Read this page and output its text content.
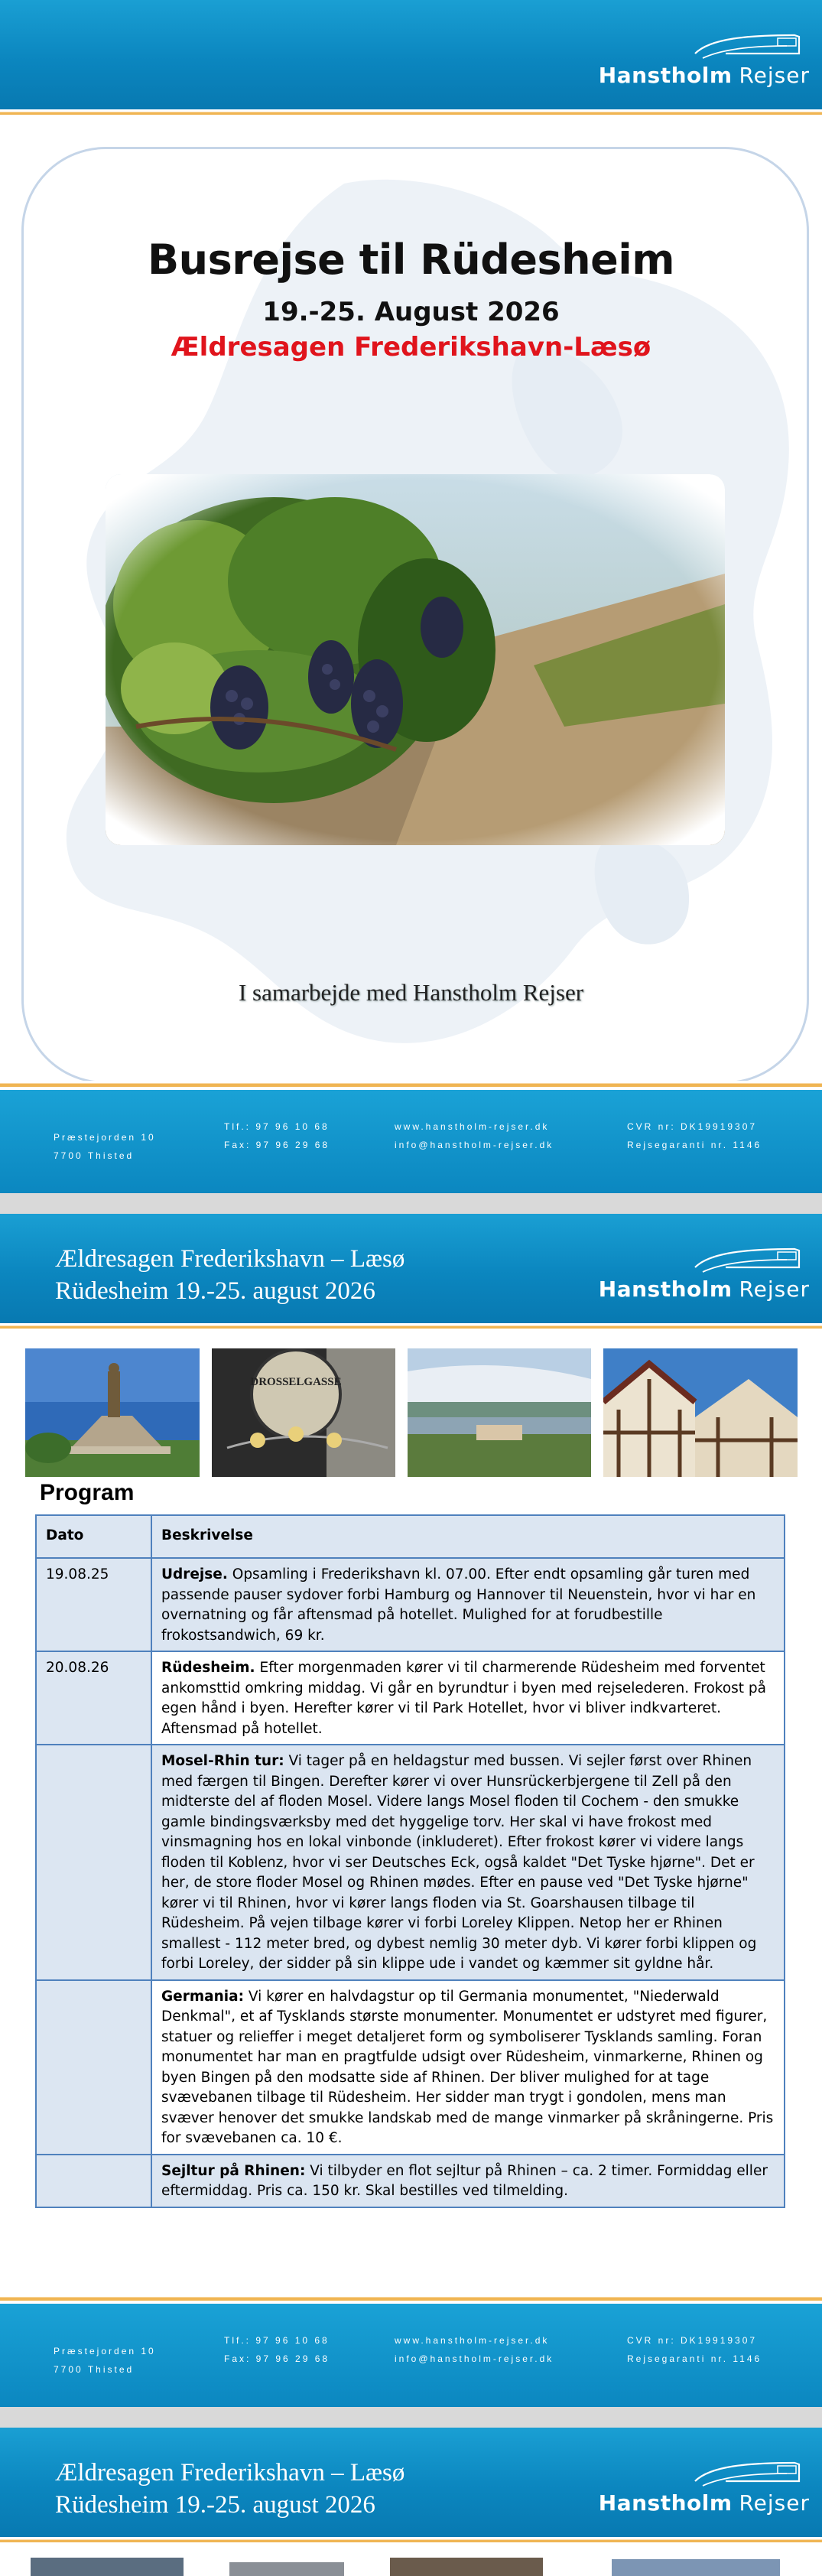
Hanstholm Rejser
Busrejse til Rüdesheim
19.-25. August 2026
Ældresagen Frederikshavn-Læsø
I samarbejde med Hanstholm Rejser
Præstejorden 10
7700 Thisted
Tlf.: 97 96 10 68
Fax: 97 96 29 68
www.hanstholm-rejser.dk
info@hanstholm-rejser.dk
CVR nr: DK19919307
Rejsegaranti nr. 1146
Ældresagen Frederikshavn – Læsø
Rüdesheim 19.-25. august 2026	Hanstholm Rejser
DROSSELGASSE
Program
Dato	Beskrivelse
19.08.25	Udrejse. Opsamling i Frederikshavn kl. 07.00. Efter endt opsamling går turen med passende pauser sydover forbi Hamburg og Hannover til Neuenstein, hvor vi har en overnatning og får aftensmad på hotellet. Mulighed for at forudbestille frokostsandwich, 69 kr.
20.08.26	Rüdesheim. Efter morgenmaden kører vi til charmerende Rüdesheim med forventet ankomsttid omkring middag. Vi går en byrundtur i byen med rejselederen. Frokost på egen hånd i byen. Herefter kører vi til Park Hotellet, hvor vi bliver indkvarteret. Aftensmad på hotellet.
	Mosel-Rhin tur: Vi tager på en heldagstur med bussen. Vi sejler først over Rhinen med færgen til Bingen. Derefter kører vi over Hunsrückerbjergene til Zell på den midterste del af floden Mosel. Videre langs Mosel floden til Cochem - den smukke gamle bindingsværksby med det hyggelige torv. Her skal vi have frokost med vinsmagning hos en lokal vinbonde (inkluderet). Efter frokost kører vi videre langs floden til Koblenz, hvor vi ser Deutsches Eck, også kaldet "Det Tyske hjørne". Det er her, de store floder Mosel og Rhinen mødes. Efter en pause ved "Det Tyske hjørne" kører vi til Rhinen, hvor vi kører langs floden via St. Goarshausen tilbage til Rüdesheim. På vejen tilbage kører vi forbi Loreley Klippen. Netop her er Rhinen smallest - 112 meter bred, og dybest nemlig 30 meter dyb. Vi kører forbi klippen og forbi Loreley, der sidder på sin klippe ude i vandet og kæmmer sit gyldne hår.
	Germania: Vi kører en halvdagstur op til Germania monumentet, "Niederwald Denkmal", et af Tysklands største monumenter. Monumentet er udstyret med figurer, statuer og relieffer i meget detaljeret form og symboliserer Tysklands samling. Foran monumentet har man en pragtfulde udsigt over Rüdesheim, vinmarkerne, Rhinen og byen Bingen på den modsatte side af Rhinen. Der bliver mulighed for at tage svævebanen tilbage til Rüdesheim. Her sidder man trygt i gondolen, mens man svæver henover det smukke landskab med de mange vinmarker på skråningerne. Pris for svævebanen ca. 10 €.
	Sejltur på Rhinen: Vi tilbyder en flot sejltur på Rhinen – ca. 2 timer. Formiddag eller eftermiddag. Pris ca. 150 kr. Skal bestilles ved tilmelding.
Præstejorden 10
7700 Thisted
Tlf.: 97 96 10 68
Fax: 97 96 29 68
www.hanstholm-rejser.dk
info@hanstholm-rejser.dk
CVR nr: DK19919307
Rejsegaranti nr. 1146
Ældresagen Frederikshavn – Læsø
Rüdesheim 19.-25. august 2026	Hanstholm Rejser
